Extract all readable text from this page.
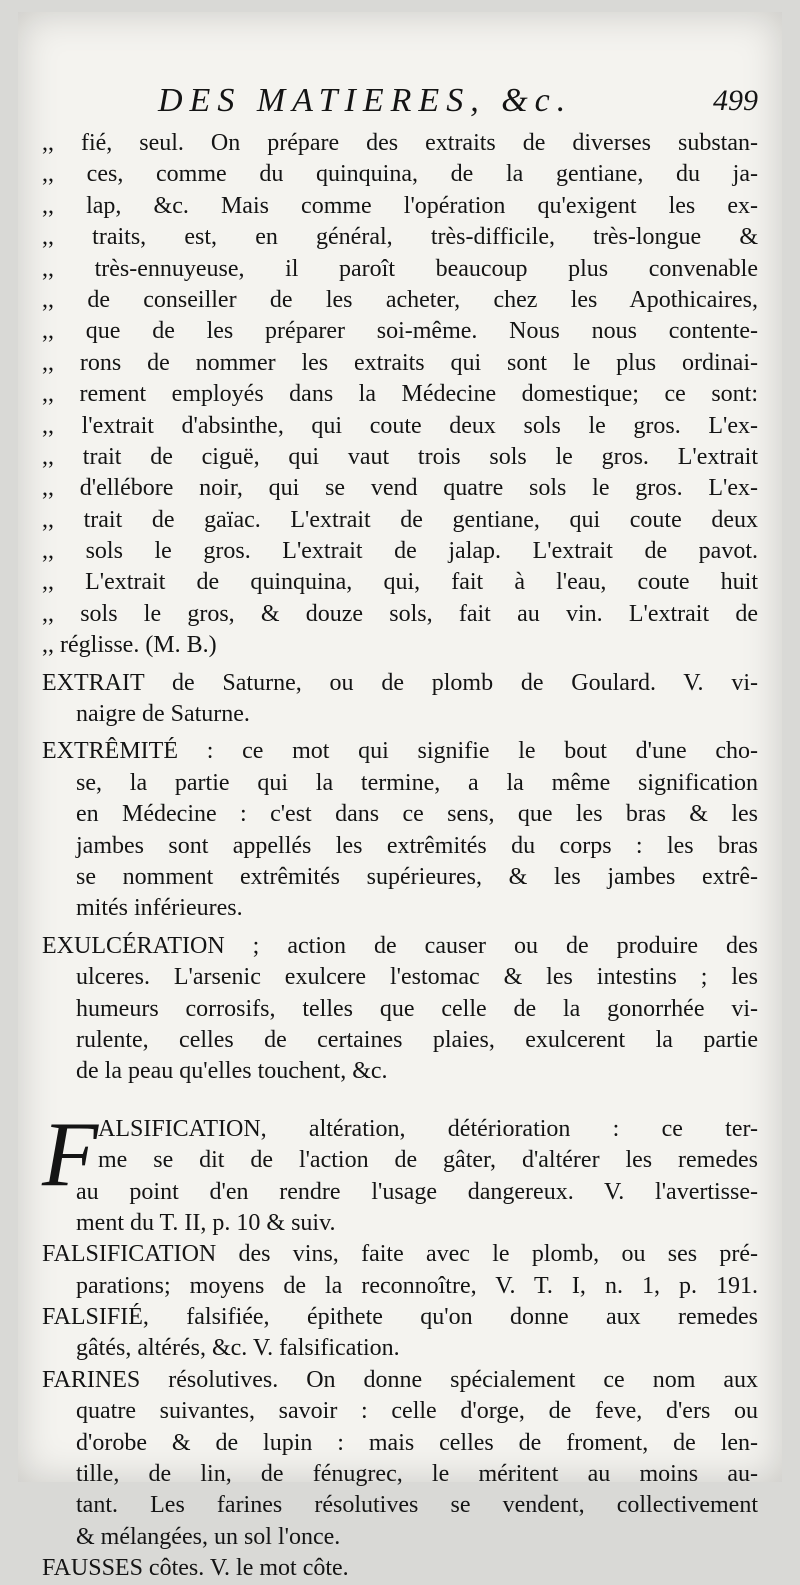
DES MATIERES, &c.	499
,, fié, seul. On prépare des extraits de diverses substan-
,, ces, comme du quinquina, de la gentiane, du ja-
,, lap, &c. Mais comme l'opération qu'exigent les ex-
,, traits, est, en général, très-difficile, très-longue &
,, très-ennuyeuse, il paroît beaucoup plus convenable
,, de conseiller de les acheter, chez les Apothicaires,
,, que de les préparer soi-même. Nous nous contente-
,, rons de nommer les extraits qui sont le plus ordinai-
,, rement employés dans la Médecine domestique; ce sont:
,, l'extrait d'absinthe, qui coute deux sols le gros. L'ex-
,, trait de ciguë, qui vaut trois sols le gros. L'extrait
,, d'ellébore noir, qui se vend quatre sols le gros. L'ex-
,, trait de gaïac. L'extrait de gentiane, qui coute deux
,, sols le gros. L'extrait de jalap. L'extrait de pavot.
,, L'extrait de quinquina, qui, fait à l'eau, coute huit
,, sols le gros, & douze sols, fait au vin. L'extrait de
,, réglisse. (M. B.)
EXTRAIT de Saturne, ou de plomb de Goulard. V. vi-
naigre de Saturne.
EXTRÊMITÉ : ce mot qui signifie le bout d'une cho-
se, la partie qui la termine, a la même signification
en Médecine : c'est dans ce sens, que les bras & les
jambes sont appellés les extrêmités du corps : les bras
se nomment extrêmités supérieures, & les jambes extrê-
mités inférieures.
EXULCÉRATION ; action de causer ou de produire des
ulceres. L'arsenic exulcere l'estomac & les intestins ; les
humeurs corrosifs, telles que celle de la gonorrhée vi-
rulente, celles de certaines plaies, exulcerent la partie
de la peau qu'elles touchent, &c.
F ALSIFICATION, altération, détérioration : ce ter-
me se dit de l'action de gâter, d'altérer les remedes
au point d'en rendre l'usage dangereux. V. l'avertisse-
ment du T. II, p. 10 & suiv.
FALSIFICATION des vins, faite avec le plomb, ou ses pré-
parations; moyens de la reconnoître, V. T. I, n. 1, p. 191.
FALSIFIÉ, falsifiée, épithete qu'on donne aux remedes
gâtés, altérés, &c. V. falsification.
FARINES résolutives. On donne spécialement ce nom aux
quatre suivantes, savoir : celle d'orge, de feve, d'ers ou
d'orobe & de lupin : mais celles de froment, de len-
tille, de lin, de fénugrec, le méritent au moins au-
tant. Les farines résolutives se vendent, collectivement
& mélangées, un sol l'once.
FAUSSES côtes. V. le mot côte.
